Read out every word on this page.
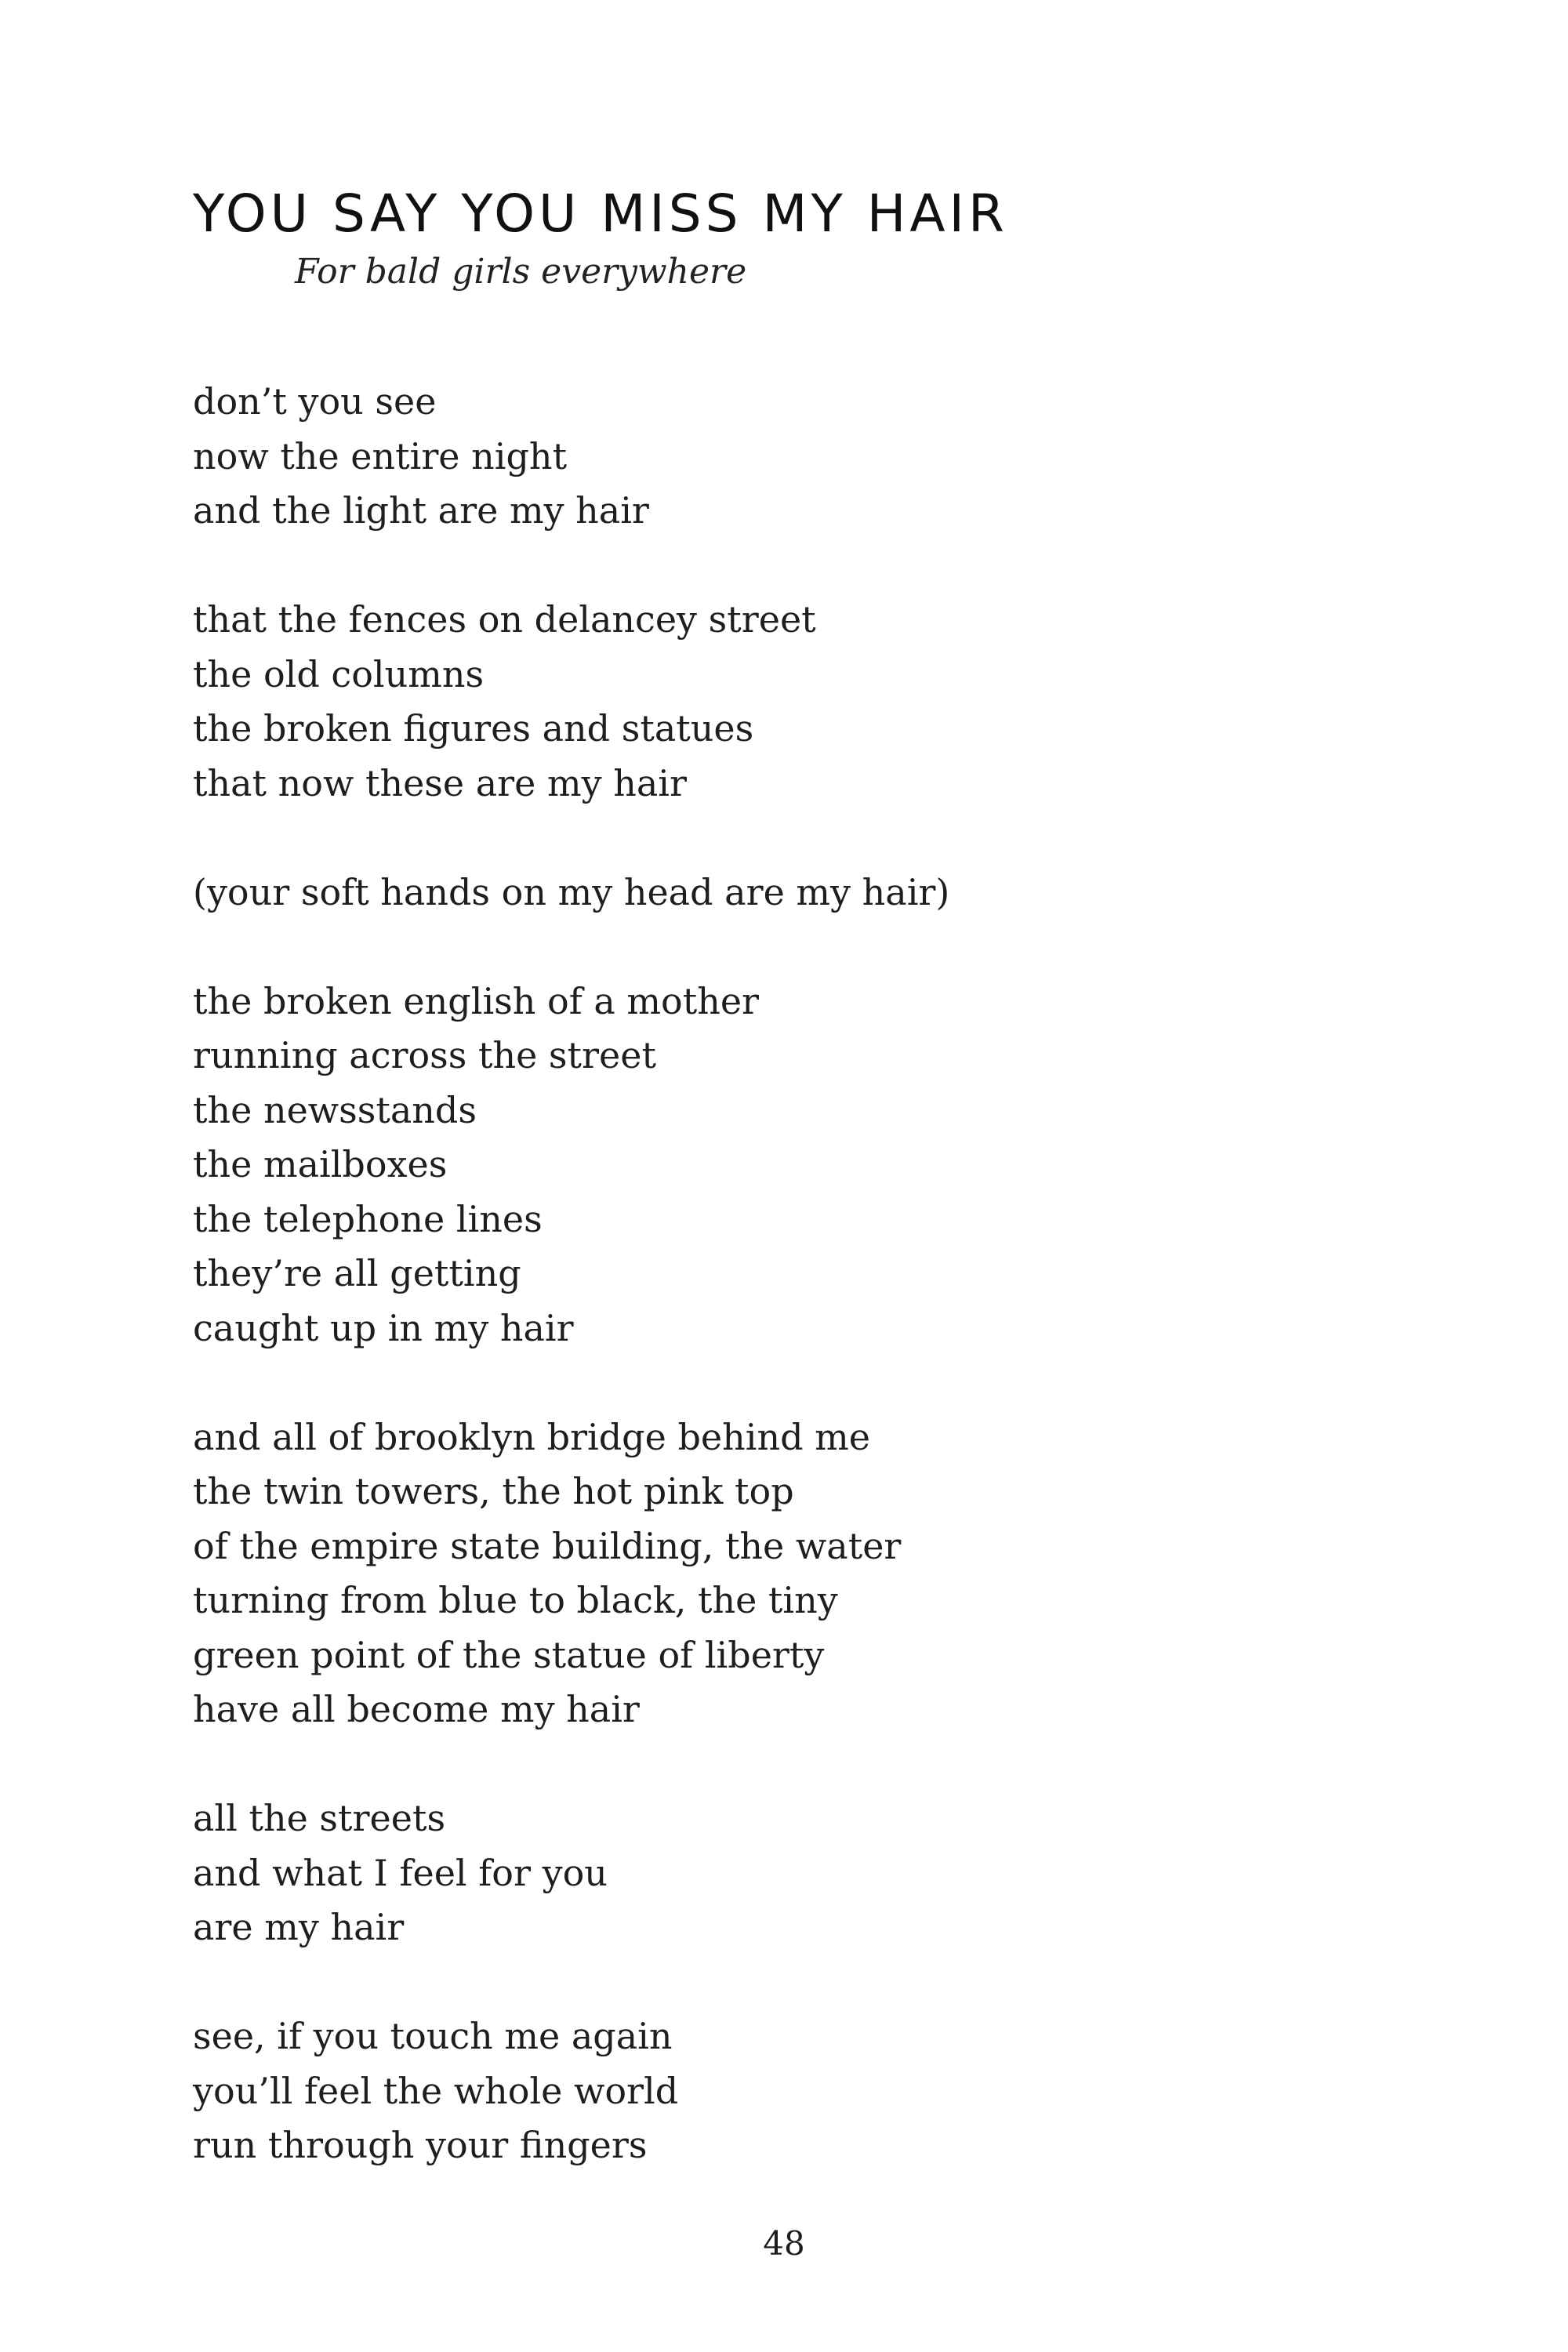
YOU SAY YOU MISS MY HAIR

For bald girls everywhere

don’t you see
now the entire night
and the light are my hair
that the fences on delancey street
the old columns
the broken figures and statues
that now these are my hair
(your soft hands on my head are my hair)
the broken english of a mother
running across the street
the newsstands
the mailboxes
the telephone lines
they’re all getting
caught up in my hair
and all of brooklyn bridge behind me
the twin towers, the hot pink top
of the empire state building, the water
turning from blue to black, the tiny
green point of the statue of liberty
have all become my hair
all the streets
and what I feel for you
are my hair
see, if you touch me again
you’ll feel the whole world
run through your fingers
48
